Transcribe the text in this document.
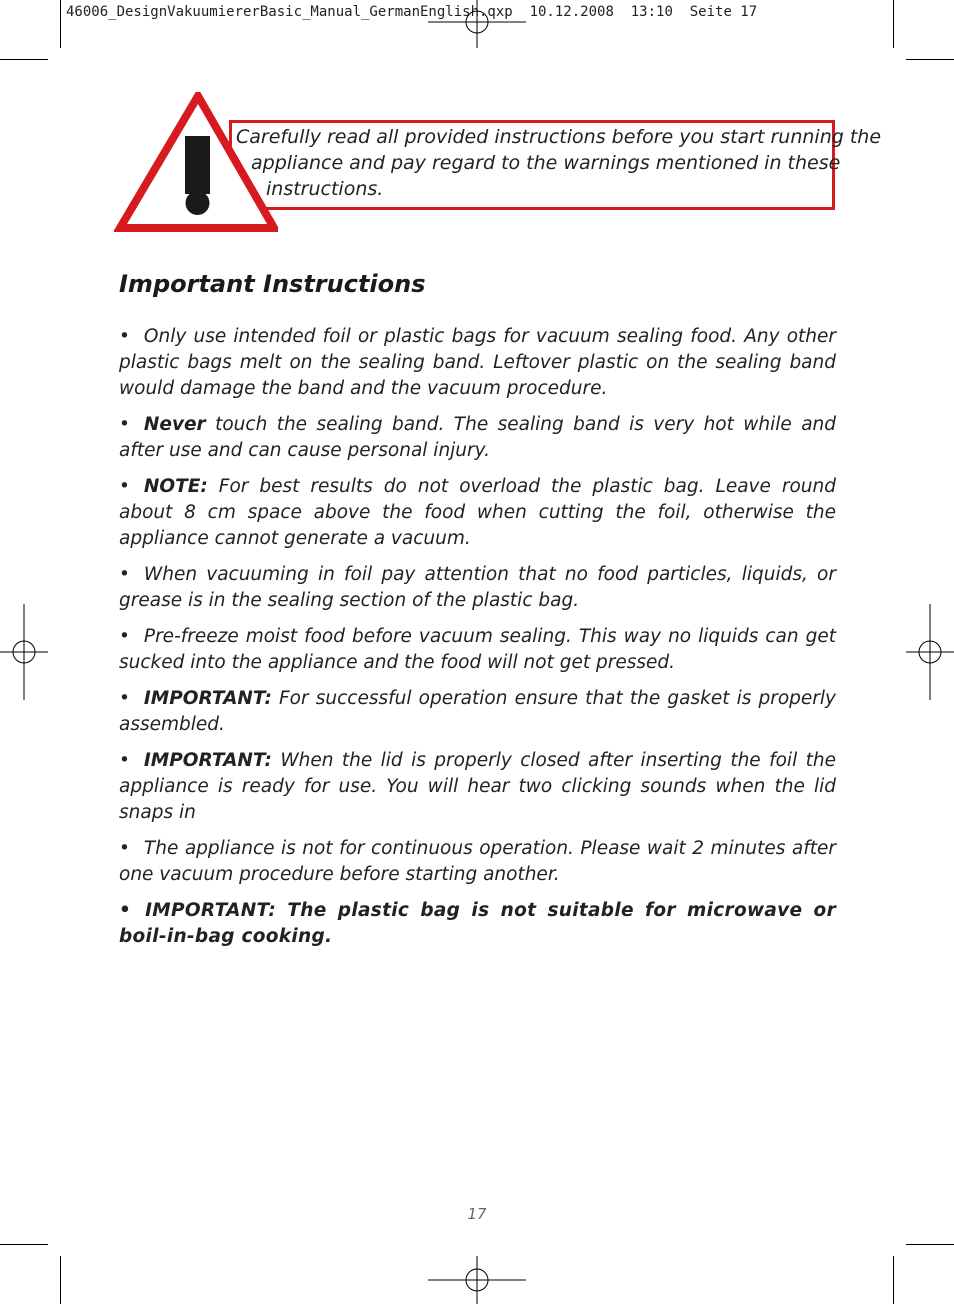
46006_DesignVakuumiererBasic_Manual_GermanEnglish.qxp  10.12.2008  13:10  Seite 17
Carefully read all provided instructions before you start running the
appliance and pay regard to the warnings mentioned in these
instructions.
Important Instructions

• Only use intended foil or plastic bags for vacuum sealing food. Any other plastic bags melt on the sealing band. Leftover plastic on the sealing band would damage the band and the vacuum procedure.

• Never touch the sealing band. The sealing band is very hot while and after use and can cause personal injury.

• NOTE: For best results do not overload the plastic bag. Leave round about 8 cm space above the food when cutting the foil, otherwise the appliance cannot generate a vacuum.

• When vacuuming in foil pay attention that no food particles, liquids, or grease is in the sealing section of the plastic bag.

• Pre-freeze moist food before vacuum sealing. This way no liquids can get sucked into the appliance and the food will not get pressed.

• IMPORTANT: For successful operation ensure that the gasket is properly assembled.

• IMPORTANT: When the lid is properly closed after inserting the foil the appliance is ready for use. You will hear two clicking sounds when the lid snaps in

• The appliance is not for continuous operation. Please wait 2 minutes after one vacuum procedure before starting another.

• IMPORTANT: The plastic bag is not suitable for microwave or boil-in-bag cooking.

17
